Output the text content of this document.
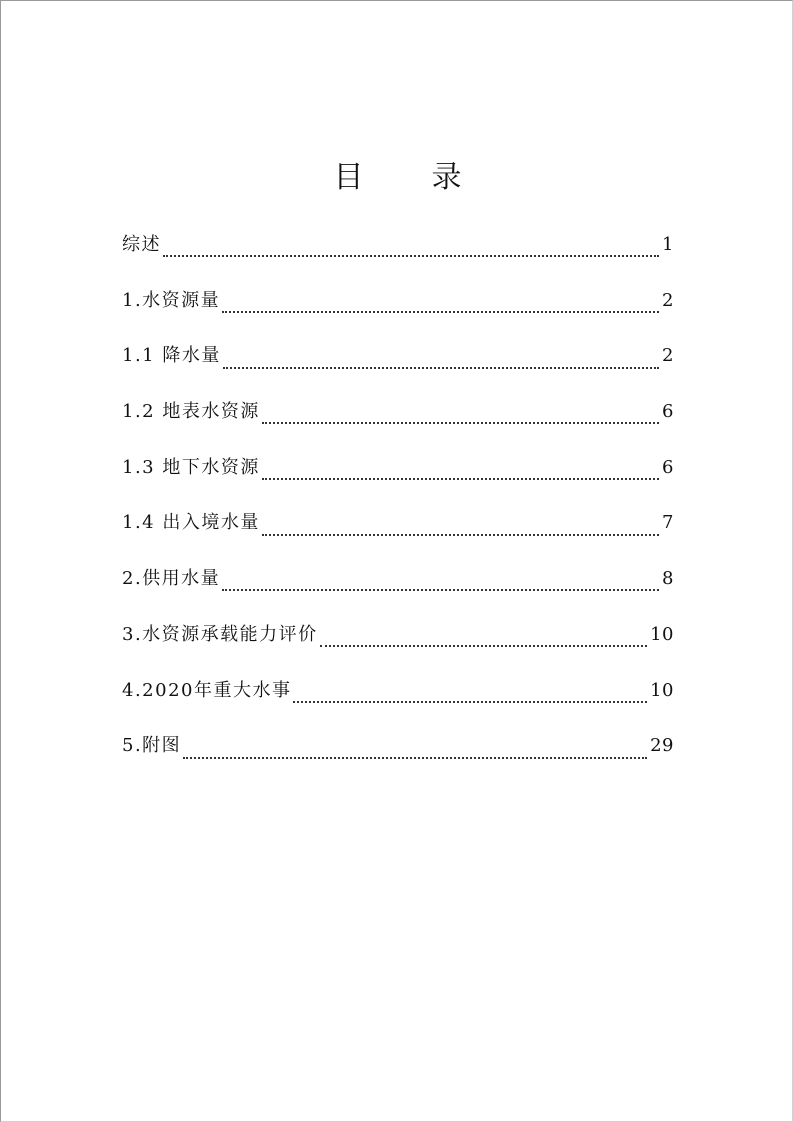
目录
综述	1
1.水资源量	2
1.1 降水量	2
1.2 地表水资源	6
1.3 地下水资源	6
1.4 出入境水量	7
2.供用水量	8
3.水资源承载能力评价	10
4.2020年重大水事	10
5.附图	29
